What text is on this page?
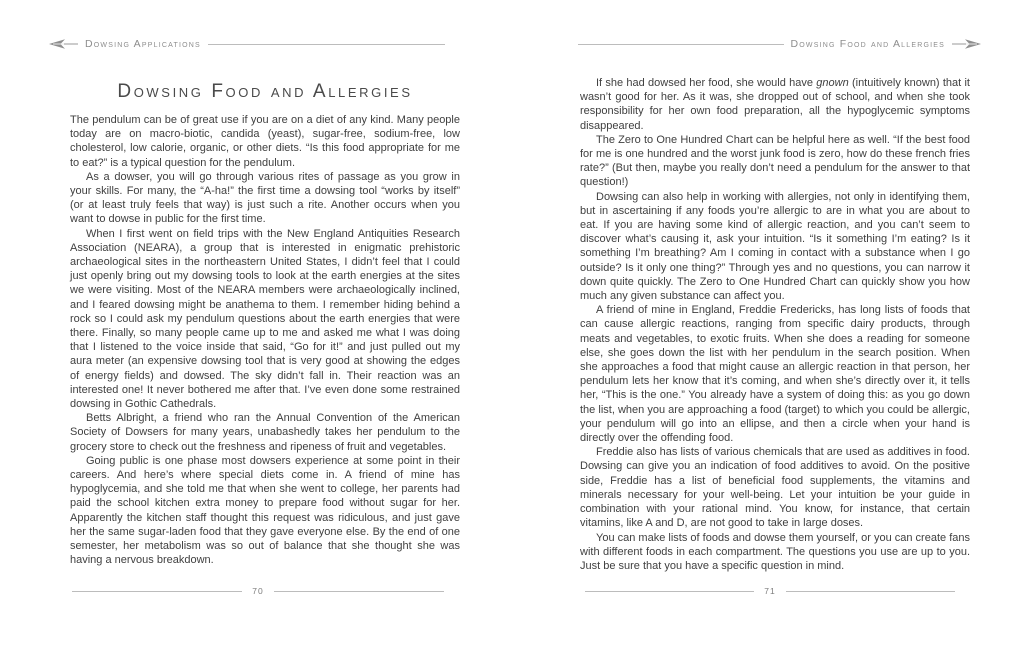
Dowsing Applications
Dowsing Food and Allergies

The pendulum can be of great use if you are on a diet of any kind. Many people today are on macro-biotic, candida (yeast), sugar-free, sodium-free, low cholesterol, low calorie, organic, or other diets. “Is this food appropriate for me to eat?” is a typical question for the pendulum.

As a dowser, you will go through various rites of passage as you grow in your skills. For many, the “A-ha!” the first time a dowsing tool “works by itself” (or at least truly feels that way) is just such a rite. Another occurs when you want to dowse in public for the first time.

When I first went on field trips with the New England Antiquities Research Association (NEARA), a group that is interested in enigmatic prehistoric archaeological sites in the northeastern United States, I didn’t feel that I could just openly bring out my dowsing tools to look at the earth energies at the sites we were visiting. Most of the NEARA members were archaeologically inclined, and I feared dowsing might be anathema to them. I remember hiding behind a rock so I could ask my pendulum questions about the earth energies that were there. Finally, so many people came up to me and asked me what I was doing that I listened to the voice inside that said, “Go for it!” and just pulled out my aura meter (an expensive dowsing tool that is very good at showing the edges of energy fields) and dowsed. The sky didn’t fall in. Their reaction was an interested one! It never bothered me after that. I’ve even done some restrained dowsing in Gothic Cathedrals.

Betts Albright, a friend who ran the Annual Convention of the American Society of Dowsers for many years, unabashedly takes her pendulum to the grocery store to check out the freshness and ripeness of fruit and vegetables.

Going public is one phase most dowsers experience at some point in their careers. And here’s where special diets come in. A friend of mine has hypoglycemia, and she told me that when she went to college, her parents had paid the school kitchen extra money to prepare food without sugar for her. Apparently the kitchen staff thought this request was ridiculous, and just gave her the same sugar-laden food that they gave everyone else. By the end of one semester, her metabolism was so out of balance that she thought she was having a nervous breakdown.

Dowsing Food and Allergies

If she had dowsed her food, she would have gnown (intuitively known) that it wasn’t good for her. As it was, she dropped out of school, and when she took responsibility for her own food preparation, all the hypoglycemic symptoms disappeared.

The Zero to One Hundred Chart can be helpful here as well. “If the best food for me is one hundred and the worst junk food is zero, how do these french fries rate?” (But then, maybe you really don’t need a pendulum for the answer to that question!)

Dowsing can also help in working with allergies, not only in identifying them, but in ascertaining if any foods you’re allergic to are in what you are about to eat. If you are having some kind of allergic reaction, and you can’t seem to discover what’s causing it, ask your intuition. “Is it something I’m eating? Is it something I’m breathing? Am I coming in contact with a substance when I go outside? Is it only one thing?” Through yes and no questions, you can narrow it down quite quickly. The Zero to One Hundred Chart can quickly show you how much any given substance can affect you.

A friend of mine in England, Freddie Fredericks, has long lists of foods that can cause allergic reactions, ranging from specific dairy products, through meats and vegetables, to exotic fruits. When she does a reading for someone else, she goes down the list with her pendulum in the search position. When she approaches a food that might cause an allergic reaction in that person, her pendulum lets her know that it’s coming, and when she’s directly over it, it tells her, “This is the one.” You already have a system of doing this: as you go down the list, when you are approaching a food (target) to which you could be allergic, your pendulum will go into an ellipse, and then a circle when your hand is directly over the offending food.

Freddie also has lists of various chemicals that are used as additives in food. Dowsing can give you an indication of food additives to avoid. On the positive side, Freddie has a list of beneficial food supplements, the vitamins and minerals necessary for your well-being. Let your intuition be your guide in combination with your rational mind. You know, for instance, that certain vitamins, like A and D, are not good to take in large doses.

You can make lists of foods and dowse them yourself, or you can create fans with different foods in each compartment. The questions you use are up to you. Just be sure that you have a specific question in mind.

70	71
